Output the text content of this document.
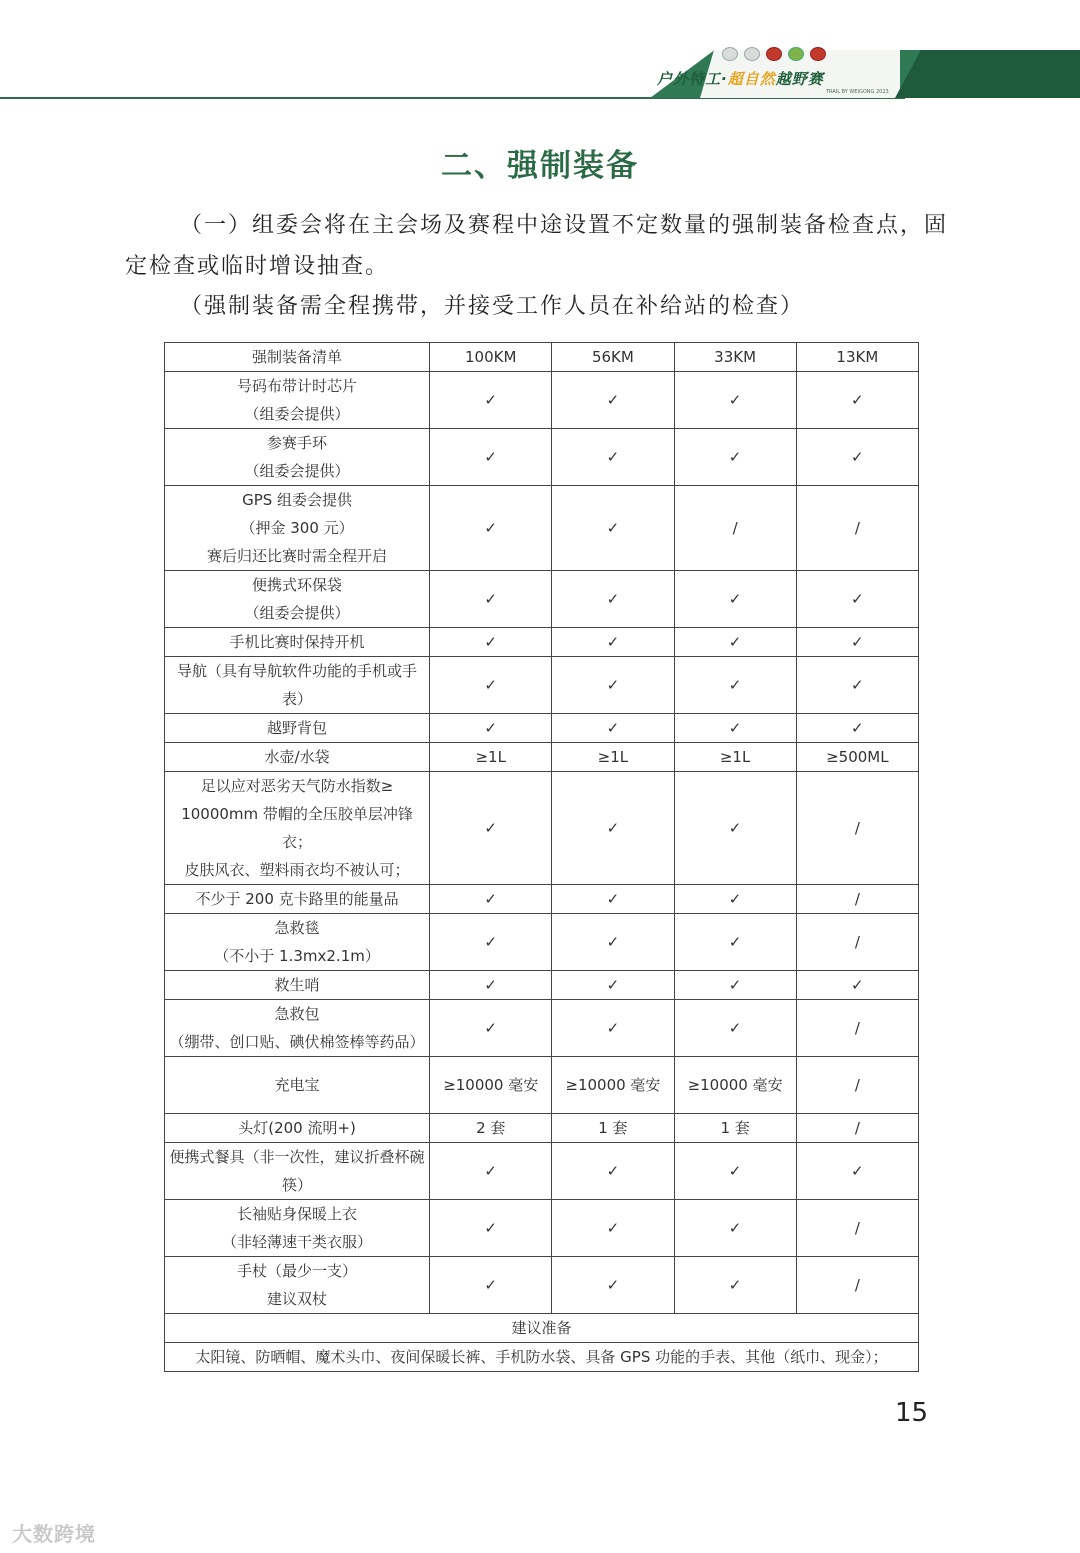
户外特工·超自然越野赛
TRAIL BY WEIGONG 2023
二、强制装备

（一）组委会将在主会场及赛程中途设置不定数量的强制装备检查点，固定检查或临时增设抽查。

（强制装备需全程携带，并接受工作人员在补给站的检查）

强制装备清单	100KM	56KM	33KM	13KM

号码布带计时芯片
（组委会提供）	✓	✓	✓	✓

参赛手环
（组委会提供）	✓	✓	✓	✓

GPS 组委会提供
（押金 300 元）
赛后归还比赛时需全程开启	✓	✓	/	/

便携式环保袋
（组委会提供）	✓	✓	✓	✓

手机比赛时保持开机	✓	✓	✓	✓

导航（具有导航软件功能的手机或手
表）	✓	✓	✓	✓

越野背包	✓	✓	✓	✓

水壶/水袋	≥1L	≥1L	≥1L	≥500ML

足以应对恶劣天气防水指数≥
10000mm 带帽的全压胶单层冲锋衣；
皮肤风衣、塑料雨衣均不被认可；	✓	✓	✓	/

不少于 200 克卡路里的能量品	✓	✓	✓	/

急救毯
（不小于 1.3mx2.1m）	✓	✓	✓	/

救生哨	✓	✓	✓	✓

急救包
（绷带、创口贴、碘伏棉签棒等药品）	✓	✓	✓	/

充电宝	≥10000 毫安	≥10000 毫安	≥10000 毫安	/

头灯(200 流明+)	2 套	1 套	1 套	/

便携式餐具（非一次性，建议折叠杯碗
筷）	✓	✓	✓	✓

长袖贴身保暖上衣
（非轻薄速干类衣服）	✓	✓	✓	/

手杖（最少一支）
建议双杖	✓	✓	✓	/
建议准备				
太阳镜、防晒帽、魔术头巾、夜间保暖长裤、手机防水袋、具备 GPS 功能的手表、其他（纸巾、现金）；				
15
大数跨境
